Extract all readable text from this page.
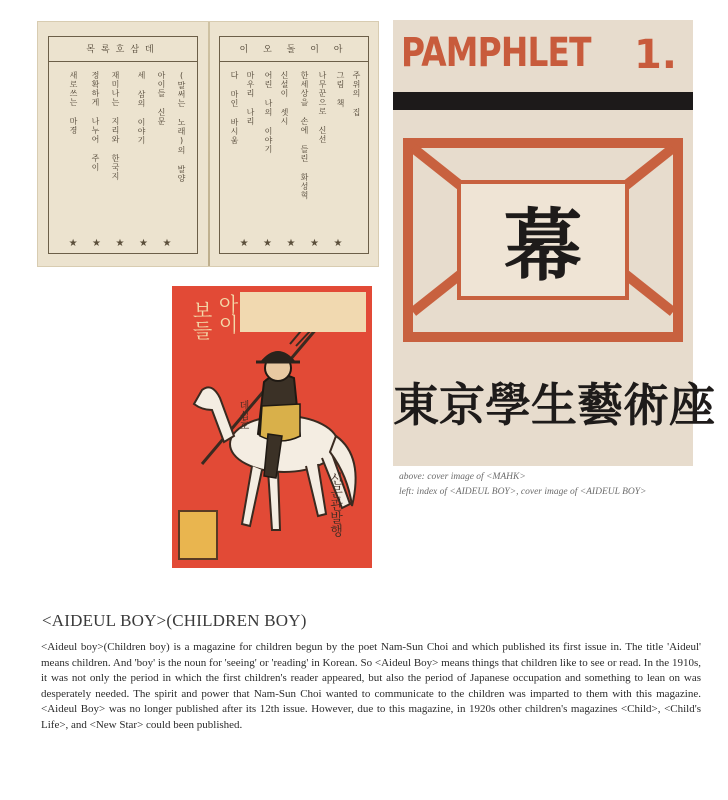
목록호삼데
(말써는 노래)의 발양
아이들 신문
세 삼의 이야기
재미나는 지리와 한국지
정확하게 나누어 주이
새로쓰는 마졍
★ ★ ★ ★ ★
이 오 돌 이 아
주위의 집
그림 책
나무꾼으로 신선
한세상을 손에 들린 화성혁
신설이 셋시
어린 나의 이야기
마우리 나리
다 마인 바시움
★ ★ ★ ★ ★
PAMPHLET 1.
幕
東 京 學 生 藝 術 座
above: cover image of <MAHK>
left: index of <AIDEUL BOY>, cover image of <AIDEUL BOY>
보들 아이
데십호
신문관발행
<AIDEUL BOY>(CHILDREN BOY)

<Aideul boy>(Children boy) is a magazine for children begun by the poet Nam-Sun Choi and which published its first issue in. The title 'Aideul' means children. And 'boy' is the noun for 'seeing' or 'reading' in Korean. So <Aideul Boy> means things that children like to see or read. In the 1910s, it was not only the period in which the first children's reader appeared, but also the period of Japanese occupation and something to lean on was desperately needed. The spirit and power that Nam-Sun Choi wanted to communicate to the children was imparted to them with this magazine. <Aideul Boy> was no longer published after its 12th issue. However, due to this magazine, in 1920s other children's magazines <Child>, <Child's Life>, and <New Star> could been published.
